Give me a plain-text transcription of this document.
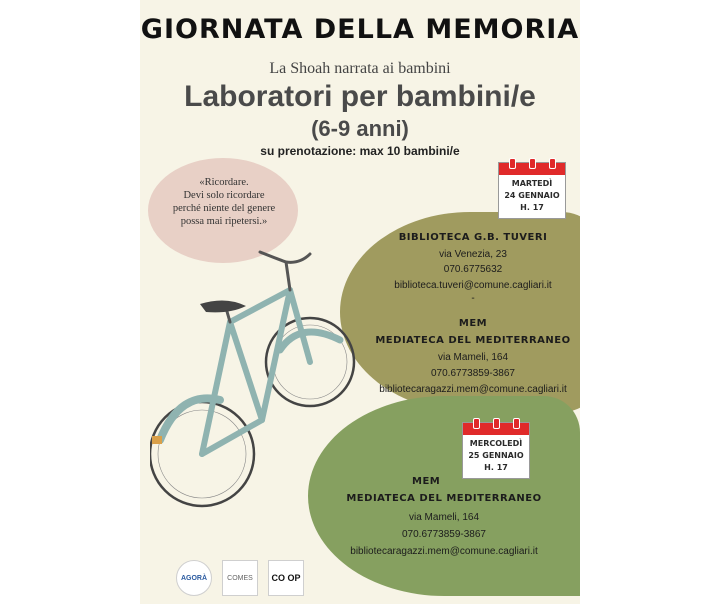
GIORNATA DELLA MEMORIA
La Shoah narrata ai bambini
Laboratori per bambini/e
(6-9 anni)
su prenotazione: max 10 bambini/e
«Ricordare.
Devi solo ricordare
perché niente del genere
possa mai ripetersi.»
MARTEDÌ
24 GENNAIO
H. 17
BIBLIOTECA G.B. TUVERI
via Venezia, 23
070.6775632
biblioteca.tuveri@comune.cagliari.it
-
MEM
MEDIATECA DEL MEDITERRANEO
via Mameli, 164
070.6773859-3867
bibliotecaragazzi.mem@comune.cagliari.it
MERCOLEDÌ
25 GENNAIO
H. 17
MEM
MEDIATECA DEL MEDITERRANEO
via Mameli, 164
070.6773859-3867
bibliotecaragazzi.mem@comune.cagliari.it
AGORÀ	COMES CO OP
